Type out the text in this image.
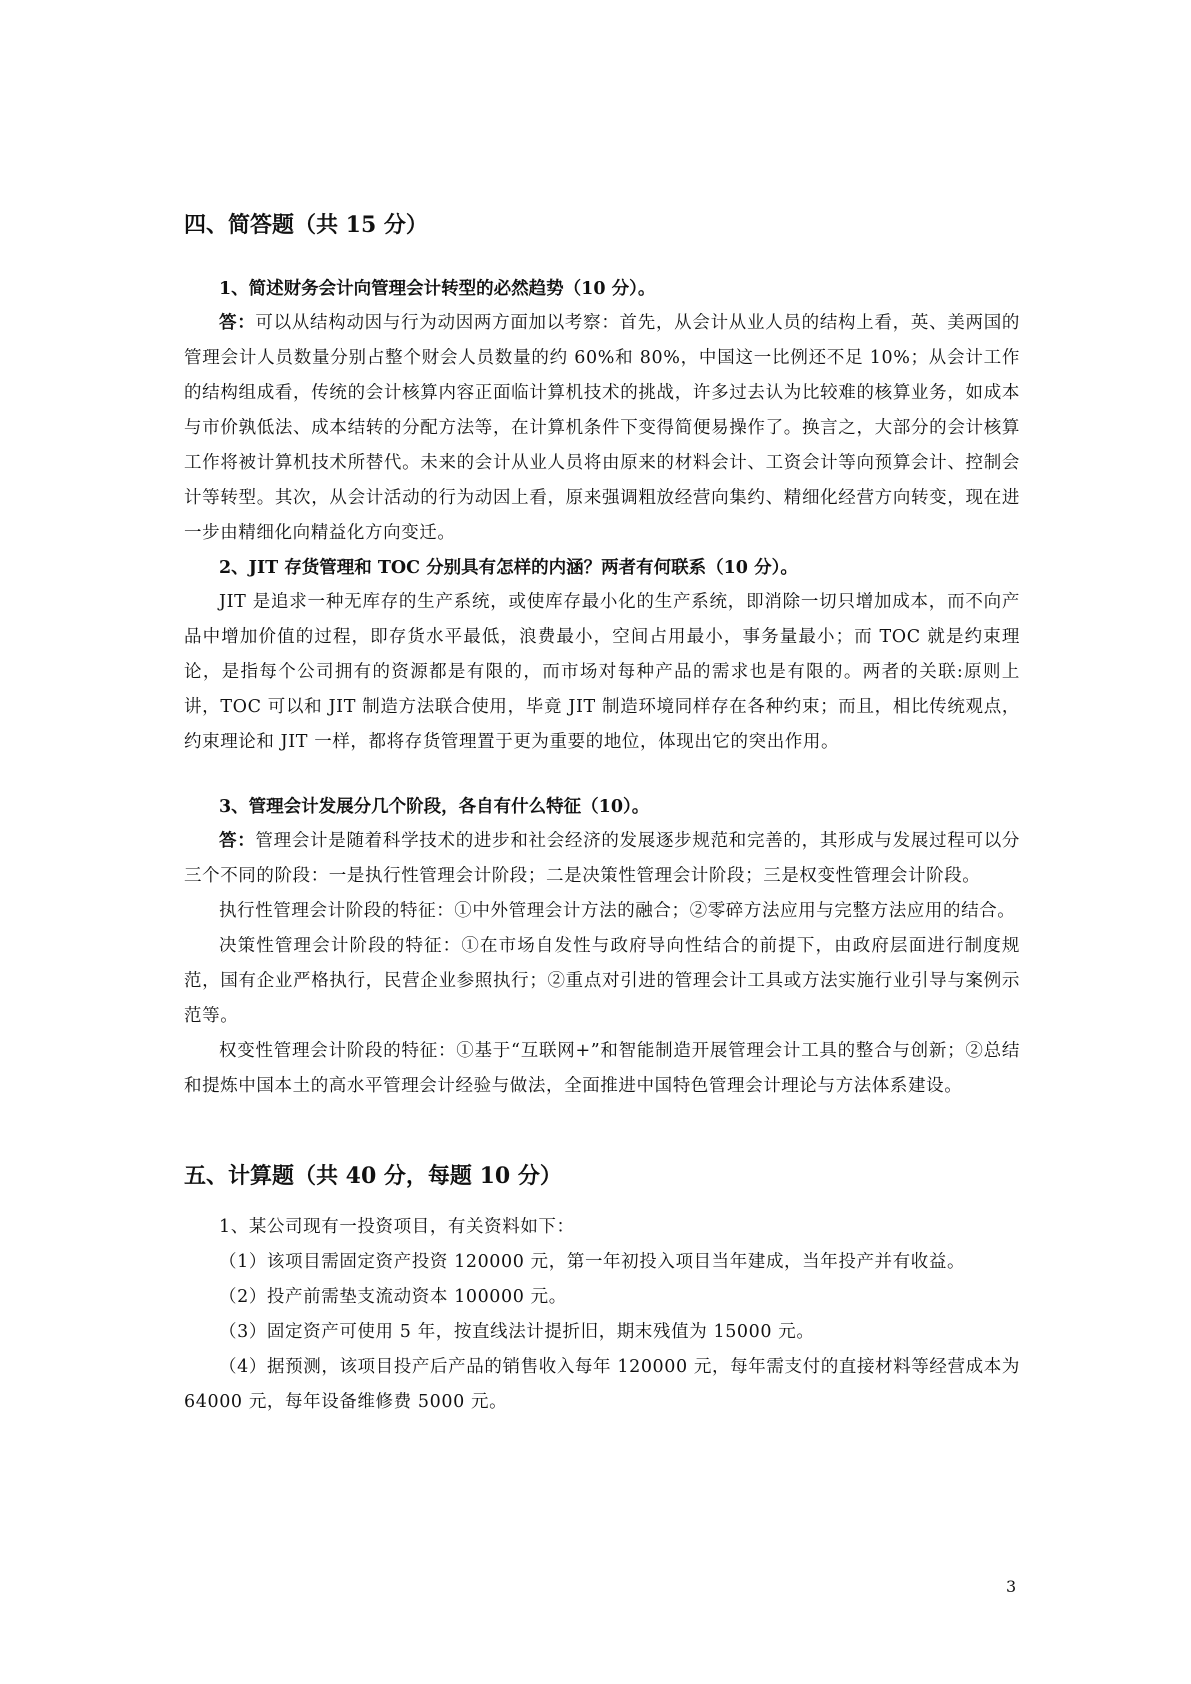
四、简答题（共 15 分）

1、简述财务会计向管理会计转型的必然趋势（10 分）。

答：可以从结构动因与行为动因两方面加以考察：首先，从会计从业人员的结构上看，英、美两国的管理会计人员数量分别占整个财会人员数量的约 60%和 80%，中国这一比例还不足 10%；从会计工作的结构组成看，传统的会计核算内容正面临计算机技术的挑战，许多过去认为比较难的核算业务，如成本与市价孰低法、成本结转的分配方法等，在计算机条件下变得简便易操作了。换言之，大部分的会计核算工作将被计算机技术所替代。未来的会计从业人员将由原来的材料会计、工资会计等向预算会计、控制会计等转型。其次，从会计活动的行为动因上看，原来强调粗放经营向集约、精细化经营方向转变，现在进一步由精细化向精益化方向变迁。

2、JIT 存货管理和 TOC 分别具有怎样的内涵？两者有何联系（10 分）。

JIT 是追求一种无库存的生产系统，或使库存最小化的生产系统，即消除一切只增加成本，而不向产品中增加价值的过程，即存货水平最低，浪费最小，空间占用最小，事务量最小；而 TOC 就是约束理论，是指每个公司拥有的资源都是有限的，而市场对每种产品的需求也是有限的。两者的关联:原则上讲，TOC 可以和 JIT 制造方法联合使用，毕竟 JIT 制造环境同样存在各种约束；而且，相比传统观点，约束理论和 JIT 一样，都将存货管理置于更为重要的地位，体现出它的突出作用。

3、管理会计发展分几个阶段，各自有什么特征（10）。

答：管理会计是随着科学技术的进步和社会经济的发展逐步规范和完善的，其形成与发展过程可以分三个不同的阶段：一是执行性管理会计阶段；二是决策性管理会计阶段；三是权变性管理会计阶段。

执行性管理会计阶段的特征：①中外管理会计方法的融合；②零碎方法应用与完整方法应用的结合。

决策性管理会计阶段的特征：①在市场自发性与政府导向性结合的前提下，由政府层面进行制度规范，国有企业严格执行，民营企业参照执行；②重点对引进的管理会计工具或方法实施行业引导与案例示范等。

权变性管理会计阶段的特征：①基于“互联网+”和智能制造开展管理会计工具的整合与创新；②总结和提炼中国本土的高水平管理会计经验与做法，全面推进中国特色管理会计理论与方法体系建设。

五、计算题（共 40 分，每题 10 分）

1、某公司现有一投资项目，有关资料如下：

（1）该项目需固定资产投资 120000 元，第一年初投入项目当年建成，当年投产并有收益。

（2）投产前需垫支流动资本 100000 元。

（3）固定资产可使用 5 年，按直线法计提折旧，期末残值为 15000 元。

（4）据预测，该项目投产后产品的销售收入每年 120000 元，每年需支付的直接材料等经营成本为 64000 元，每年设备维修费 5000 元。

3
